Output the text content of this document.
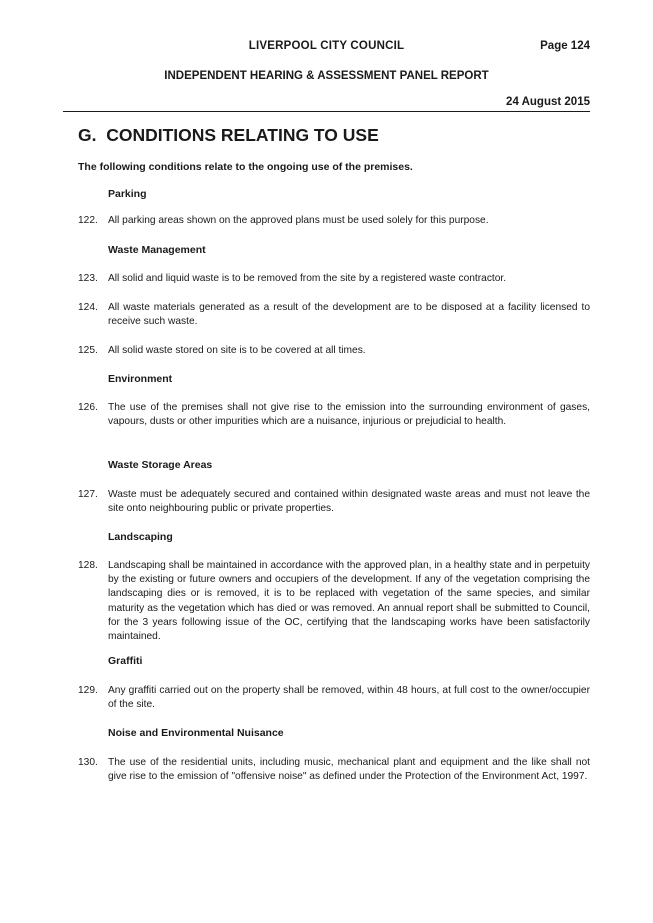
LIVERPOOL CITY COUNCIL	Page 124
INDEPENDENT HEARING & ASSESSMENT PANEL REPORT
24 August 2015
G.  CONDITIONS RELATING TO USE
The following conditions relate to the ongoing use of the premises.
Parking
122. All parking areas shown on the approved plans must be used solely for this purpose.
Waste Management
123. All solid and liquid waste is to be removed from the site by a registered waste contractor.
124. All waste materials generated as a result of the development are to be disposed at a facility licensed to receive such waste.
125. All solid waste stored on site is to be covered at all times.
Environment
126. The use of the premises shall not give rise to the emission into the surrounding environment of gases, vapours, dusts or other impurities which are a nuisance, injurious or prejudicial to health.
Waste Storage Areas
127. Waste must be adequately secured and contained within designated waste areas and must not leave the site onto neighbouring public or private properties.
Landscaping
128. Landscaping shall be maintained in accordance with the approved plan, in a healthy state and in perpetuity by the existing or future owners and occupiers of the development. If any of the vegetation comprising the landscaping dies or is removed, it is to be replaced with vegetation of the same species, and similar maturity as the vegetation which has died or was removed. An annual report shall be submitted to Council, for the 3 years following issue of the OC, certifying that the landscaping works have been satisfactorily maintained.
Graffiti
129. Any graffiti carried out on the property shall be removed, within 48 hours, at full cost to the owner/occupier of the site.
Noise and Environmental Nuisance
130. The use of the residential units, including music, mechanical plant and equipment and the like shall not give rise to the emission of "offensive noise" as defined under the Protection of the Environment Act, 1997.
